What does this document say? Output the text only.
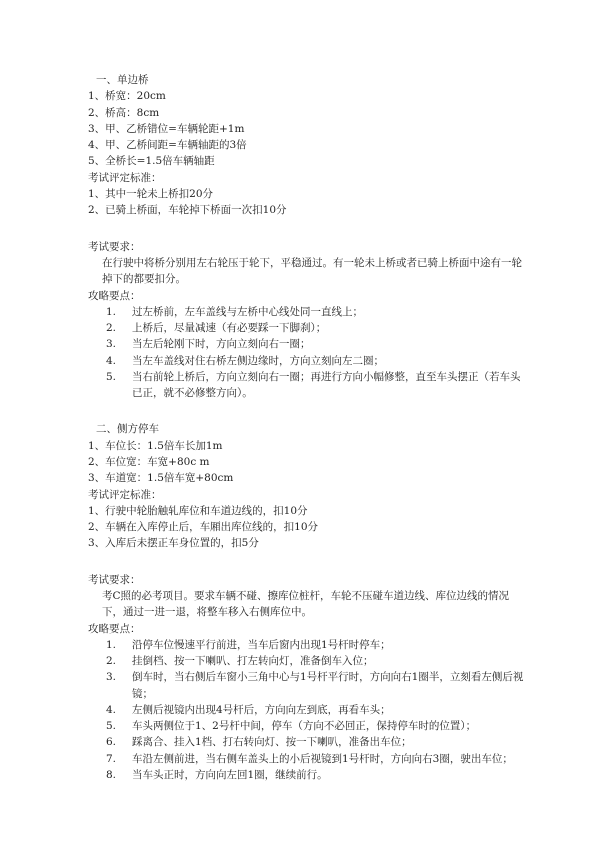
一、单边桥
1、桥宽：20cm
2、桥高：8cm
3、甲、乙桥错位=车辆轮距+1m
4、甲、乙桥间距=车辆轴距的3倍
5、全桥长=1.5倍车辆轴距
考试评定标准：
1、其中一轮未上桥扣20分
2、已骑上桥面，车轮掉下桥面一次扣10分
考试要求：
在行驶中将桥分别用左右轮压于轮下，平稳通过。有一轮未上桥或者已骑上桥面中途有一轮掉下的都要扣分。
攻略要点：
1.	过左桥前，左车盖线与左桥中心线处同一直线上；
2.	上桥后，尽量减速（有必要踩一下脚刹）；
3.	当左后轮刚下时，方向立刻向右一圈；
4.	当左车盖线对住右桥左侧边缘时，方向立刻向左二圈；
5.	当右前轮上桥后，方向立刻向右一圈；再进行方向小幅修整，直至车头摆正（若车头已正，就不必修整方向）。
二、侧方停车
1、车位长：1.5倍车长加1m
2、车位宽：车宽+80c m
3、车道宽：1.5倍车宽+80cm
考试评定标准：
1、行驶中轮胎触轧库位和车道边线的，扣10分
2、车辆在入库停止后，车厢出库位线的，扣10分
3、入库后未摆正车身位置的，扣5分
考试要求：
考C照的必考项目。要求车辆不碰、擦库位桩杆，车轮不压碰车道边线、库位边线的情况下，通过一进一退，将整车移入右侧库位中。
攻略要点：
1.	沿停车位慢速平行前进，当车后窗内出现1号杆时停车；
2.	挂倒档、按一下喇叭、打左转向灯，准备倒车入位；
3.	倒车时，当右侧后车窗小三角中心与1号杆平行时，方向向右1圈半，立刻看左侧后视镜；
4.	左侧后视镜内出现4号杆后，方向向左到底，再看车头；
5.	车头两侧位于1、2号杆中间，停车（方向不必回正，保持停车时的位置）；
6.	踩离合、挂入1档、打右转向灯、按一下喇叭，准备出车位；
7.	车沿左侧前进，当右侧车盖头上的小后视镜到1号杆时，方向向右3圈，驶出车位；
8.	当车头正时，方向向左回1圈，继续前行。
